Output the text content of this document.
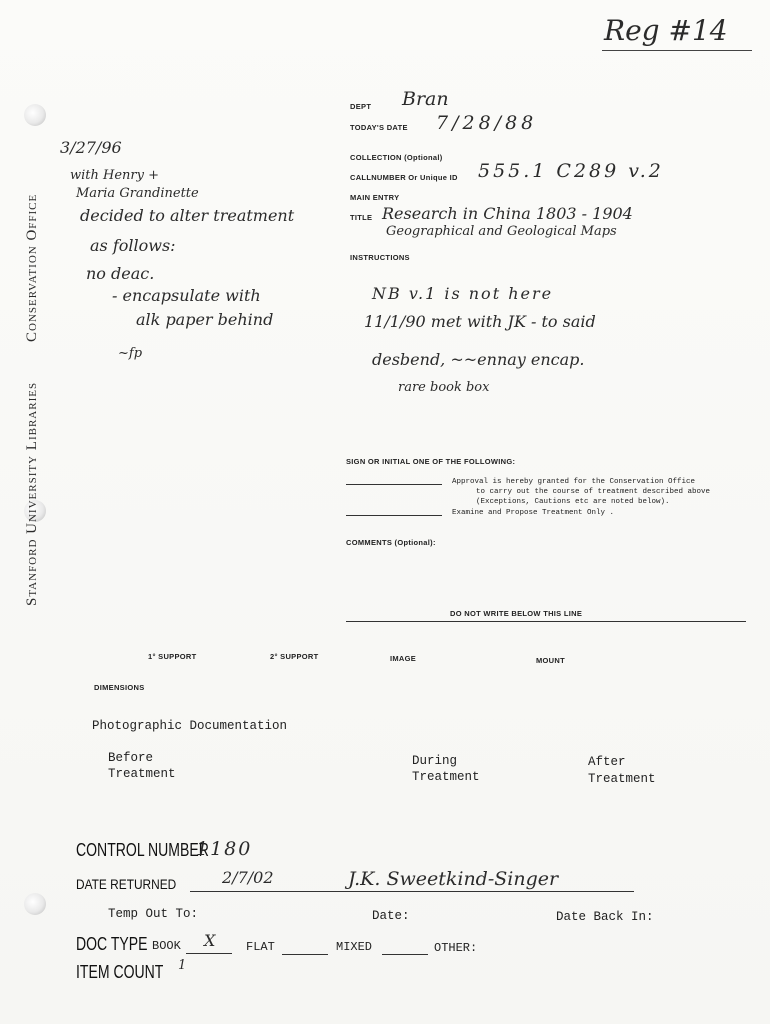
Reg #14
Conservation Office
Stanford University Libraries
DEPT Bran
TODAY'S DATE 7/28/88
COLLECTION (Optional)
CALLNUMBER Or Unique ID 555.1 C289 v.2
MAIN ENTRY
TITLE Research in China 1803 - 1904
Geographical and Geological Maps
INSTRUCTIONS
NB v.1 is not here
11/1/90 met with JK - to said
desbend, ~~ennay encap.
rare book box
3/27/96
with Henry +
Maria Grandinette
decided to alter treatment
as follows:
no deac.
- encapsulate with
alk paper behind
~fp
SIGN OR INITIAL ONE OF THE FOLLOWING:
Approval is hereby granted for the Conservation Office
to carry out the course of treatment described above
(Exceptions, Cautions etc are noted below).
Examine and Propose Treatment Only .
COMMENTS (Optional):
DO NOT WRITE BELOW THIS LINE
1° SUPPORT	2° SUPPORT	IMAGE	MOUNT
DIMENSIONS
Photographic Documentation
Before
Treatment
During
Treatment
After
Treatment
CONTROL NUMBER
1180
DATE RETURNED	2/7/02	J.K. Sweetkind-Singer
Temp Out To:	Date:	Date Back In:
DOC TYPE BOOK X	FLAT	MIXED	OTHER:
ITEM COUNT 1
